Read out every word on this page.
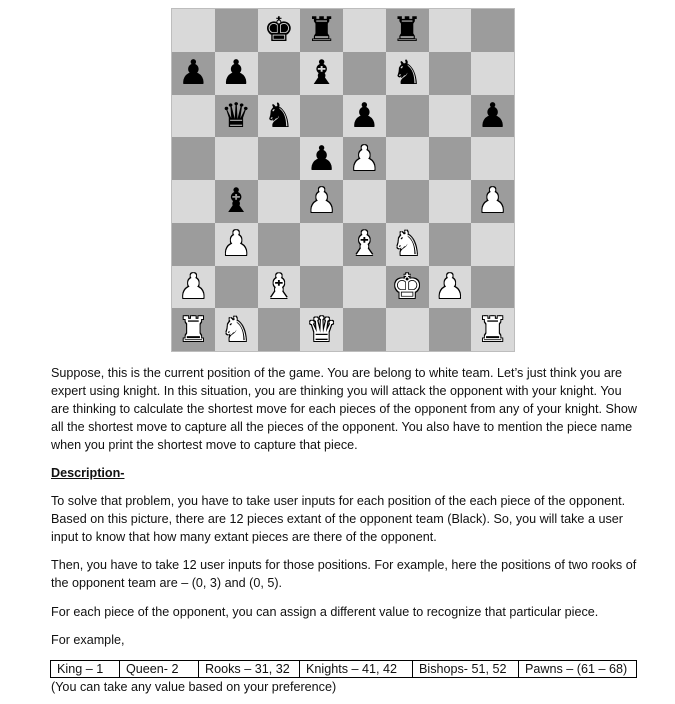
♚ ♜ ♜
♟ ♟ ♝ ♞
♛ ♞ ♟	♟
♟ ♟
♝ ♟	♟
♟	♝ ♞
♟ ♝	♚ ♟
♜ ♞ ♛	♜

Suppose, this is the current position of the game. You are belong to white team. Let’s just think you are expert using knight. In this situation, you are thinking you will attack the opponent with your knight. You are thinking to calculate the shortest move for each pieces of the opponent from any of your knight. Show all the shortest move to capture all the pieces of the opponent. You also have to mention the piece name when you print the shortest move to capture that piece.

Description-

To solve that problem, you have to take user inputs for each position of the each piece of the opponent. Based on this picture, there are 12 pieces extant of the opponent team (Black). So, you will take a user input to know that how many extant pieces are there of the opponent.

Then, you have to take 12 user inputs for those positions. For example, here the positions of two rooks of the opponent team are – (0, 3) and (0, 5).

For each piece of the opponent, you can assign a different value to recognize that particular piece.

For example,

King – 1	Queen- 2	Rooks – 31, 32	Knights – 41, 42	Bishops- 51, 52	Pawns – (61 – 68)

(You can take any value based on your preference)
